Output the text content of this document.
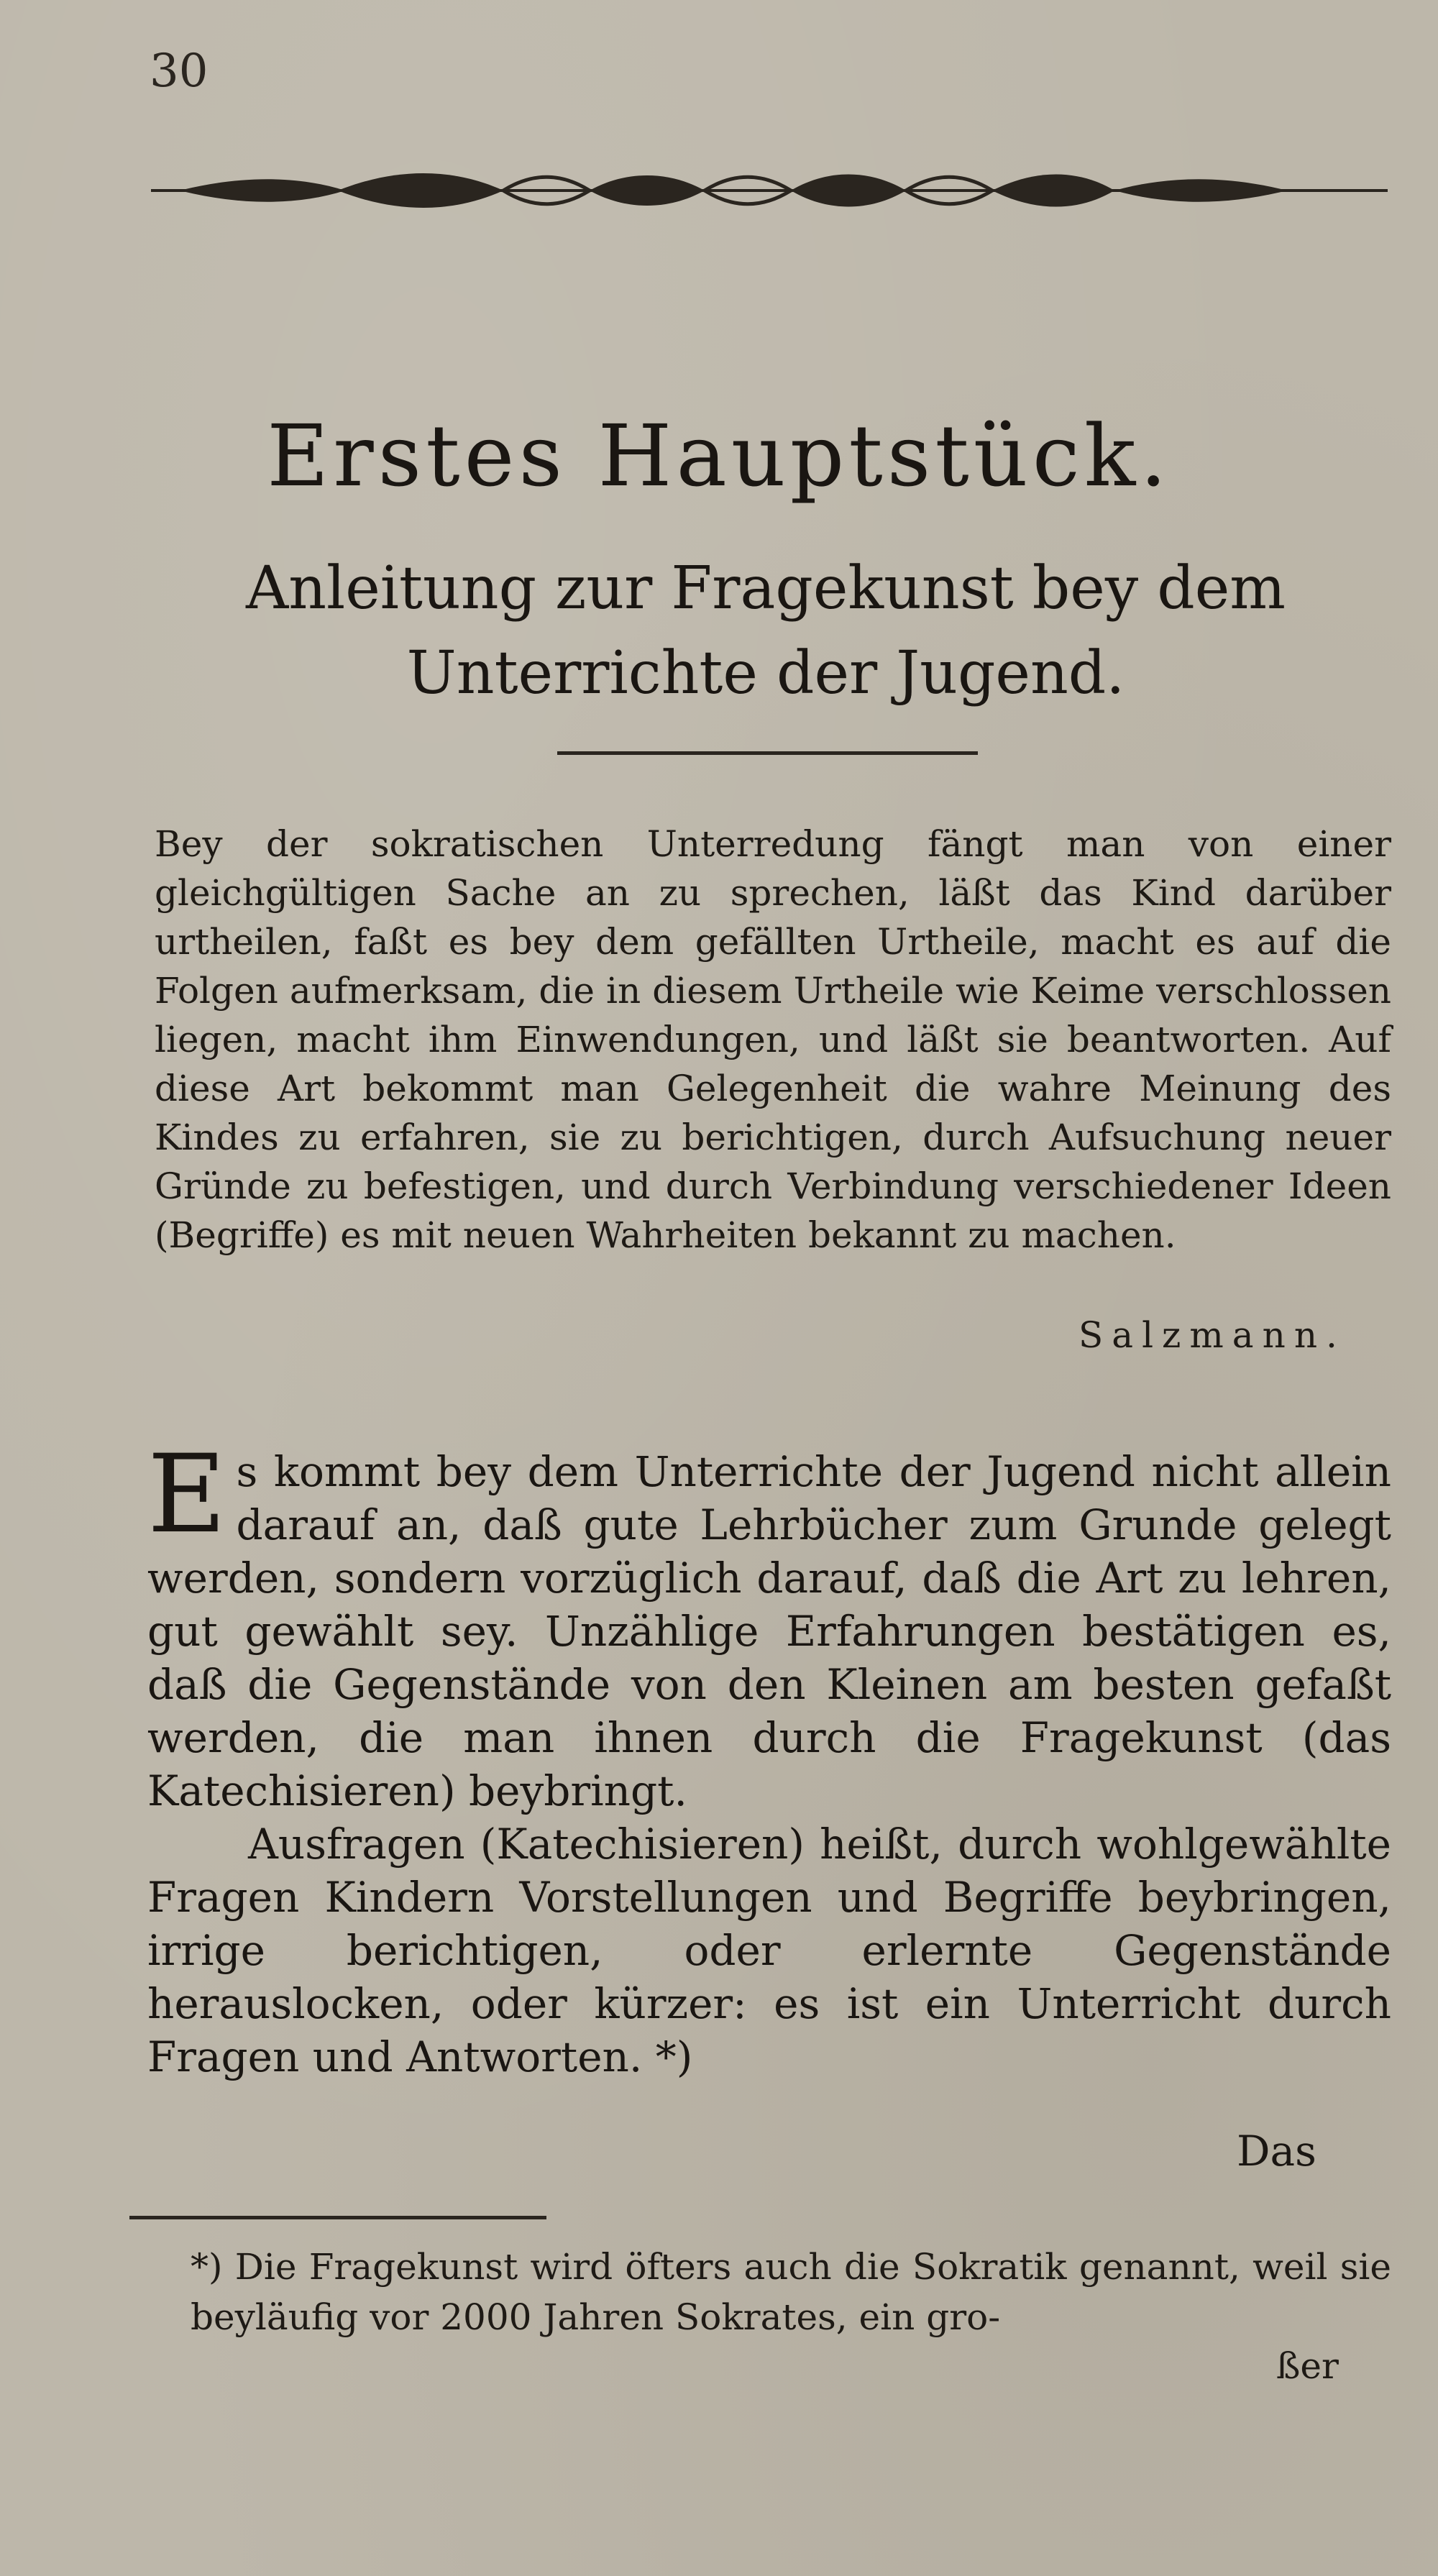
30
Erstes Hauptstück.
Anleitung zur Fragekunst bey dem Unterrichte der Jugend.
Bey der sokratischen Unterredung fängt man von einer gleichgültigen Sache an zu sprechen, läßt das Kind darüber urtheilen, faßt es bey dem gefällten Urtheile, macht es auf die Folgen aufmerksam, die in diesem Urtheile wie Keime verschlossen liegen, macht ihm Einwendungen, und läßt sie beantworten. Auf diese Art bekommt man Gelegenheit die wahre Meinung des Kindes zu erfahren, sie zu berichtigen, durch Aufsuchung neuer Gründe zu befestigen, und durch Verbindung verschiedener Ideen (Begriffe) es mit neuen Wahrheiten bekannt zu machen.
Salzmann.

Es kommt bey dem Unterrichte der Jugend nicht allein darauf an, daß gute Lehrbücher zum Grunde gelegt werden, sondern vorzüglich darauf, daß die Art zu lehren, gut gewählt sey. Unzählige Erfahrungen bestätigen es, daß die Gegenstände von den Kleinen am besten gefaßt werden, die man ihnen durch die Fragekunst (das Katechisieren) beybringt.

Ausfragen (Katechisieren) heißt, durch wohlgewählte Fragen Kindern Vorstellungen und Begriffe beybringen, irrige berichtigen, oder erlernte Gegenstände herauslocken, oder kürzer: es ist ein Unterricht durch Fragen und Antworten. *)

Das
*) Die Fragekunst wird öfters auch die Sokratik genannt, weil sie beyläufig vor 2000 Jahren Sokrates, ein gro-
ßer
